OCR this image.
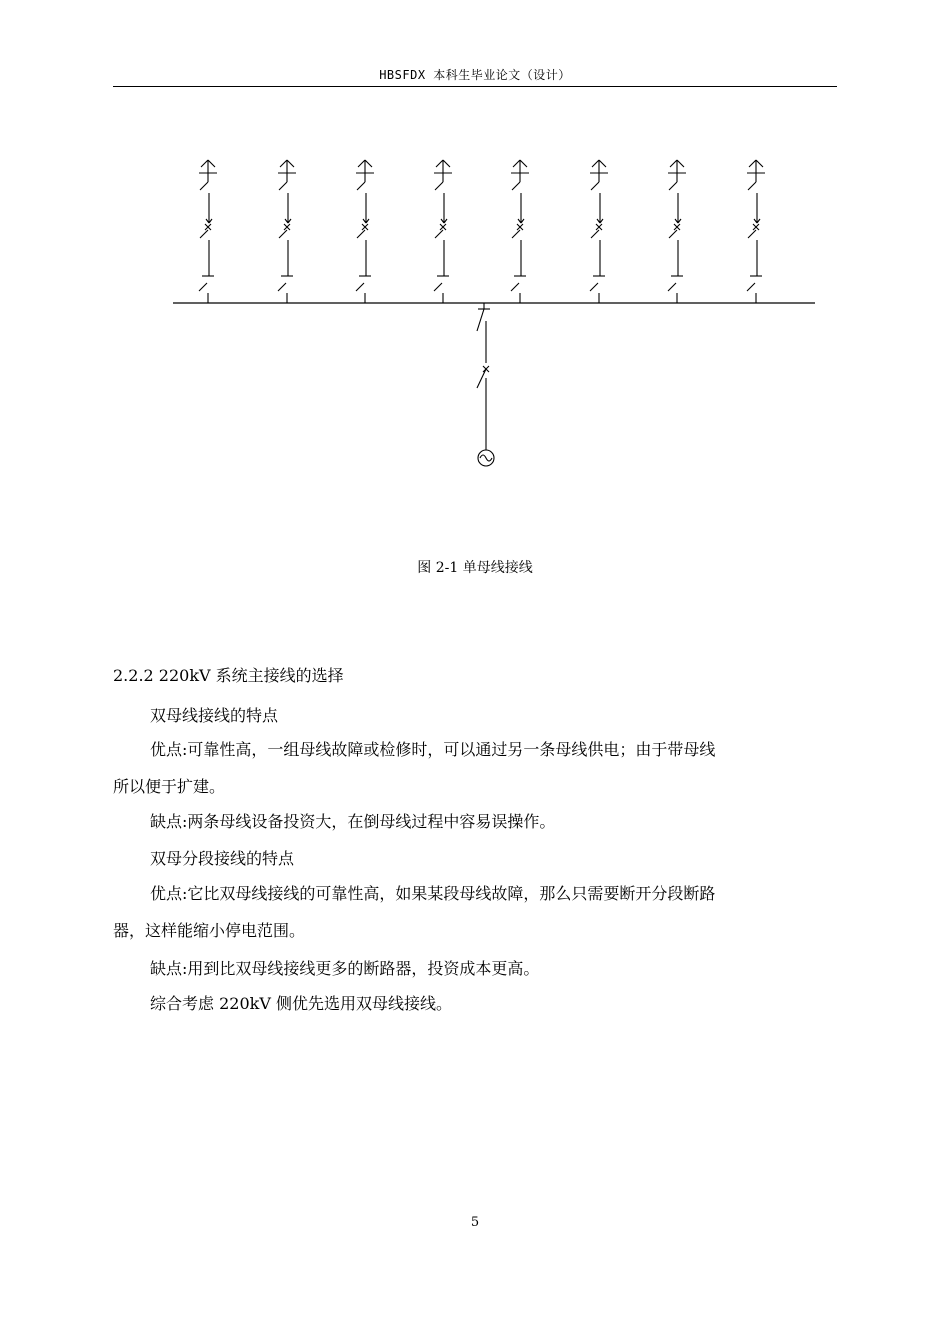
HBSFDX 本科生毕业论文（设计）
图 2-1 单母线接线
2.2.2 220kV 系统主接线的选择

双母线接线的特点

优点:可靠性高，一组母线故障或检修时，可以通过另一条母线供电；由于带母线
所以便于扩建。

缺点:两条母线设备投资大，在倒母线过程中容易误操作。

双母分段接线的特点

优点:它比双母线接线的可靠性高，如果某段母线故障，那么只需要断开分段断路
器，这样能缩小停电范围。

缺点:用到比双母线接线更多的断路器，投资成本更高。

综合考虑 220kV 侧优先选用双母线接线。

5
